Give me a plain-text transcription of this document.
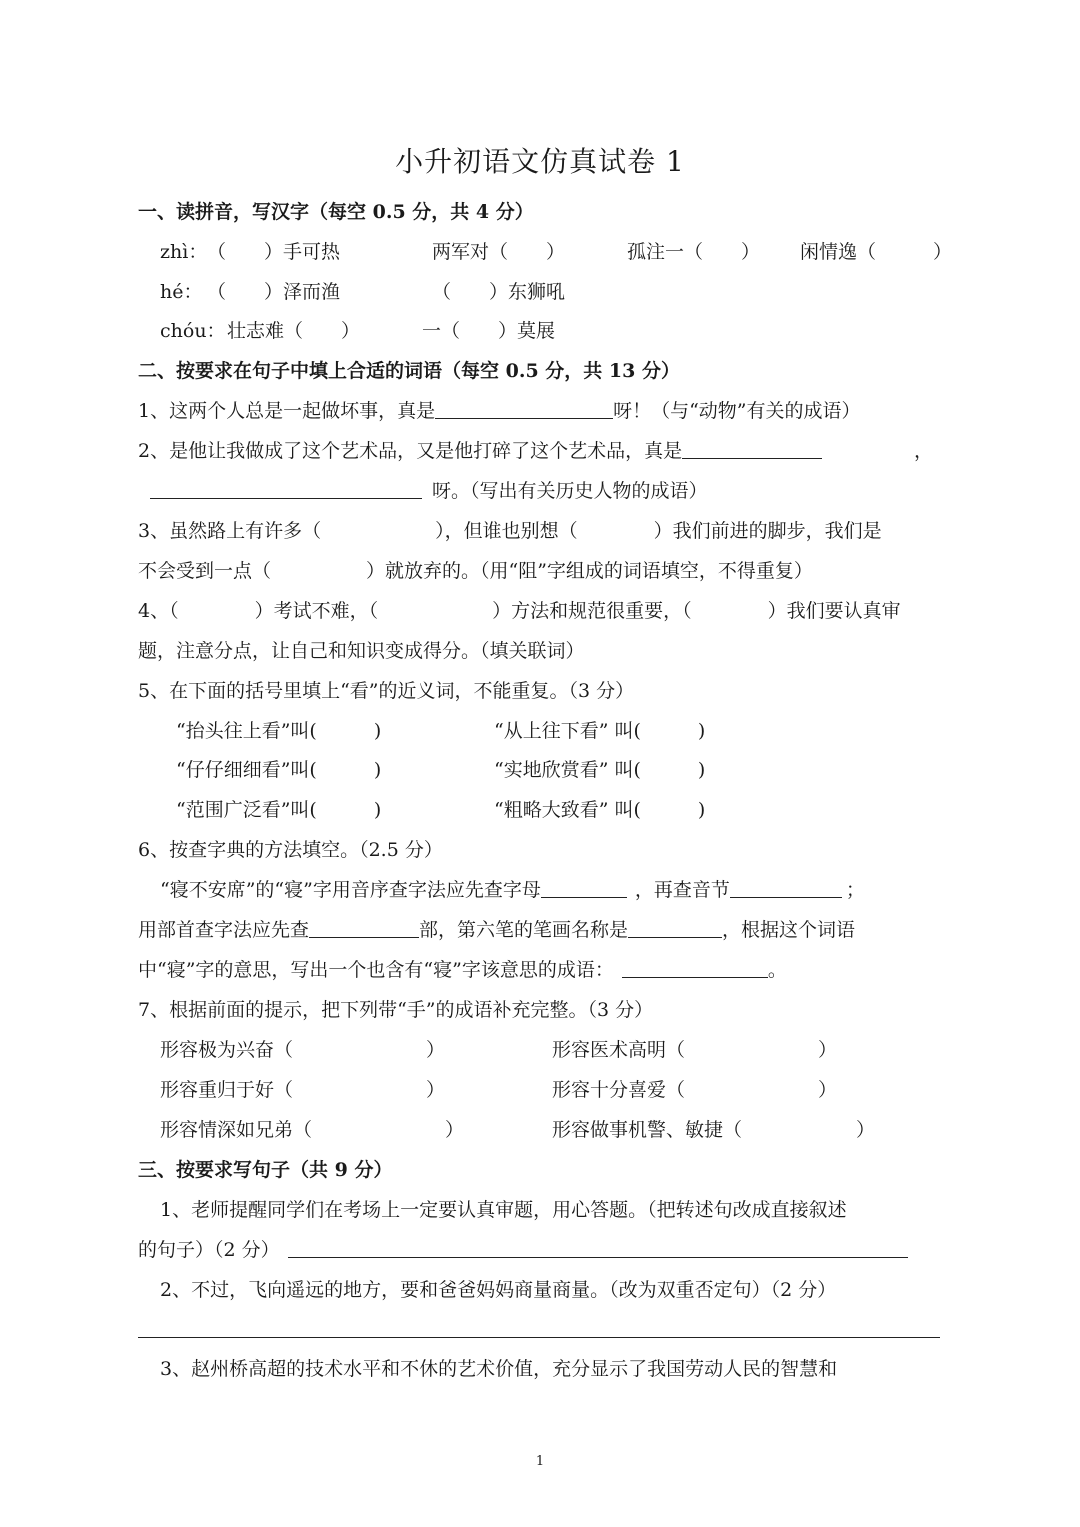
小升初语文仿真试卷 1
一、读拼音，写汉字（每空 0.5 分，共 4 分）
zhì： （　　）手可热	两军对（　　）	孤注一（　　） 闲情逸（　　　）
hé： （　　）泽而渔	（　　）东狮吼
chóu： 壮志难（　　）	一（　　）莫展
二、按要求在句子中填上合适的词语（每空 0.5 分，共 13 分）
1、这两个人总是一起做坏事，真是	呀！（与“动物”有关的成语）
2、是他让我做成了这个艺术品，又是他打碎了这个艺术品，真是	，
呀。（写出有关历史人物的成语）
3、虽然路上有许多（　　　　　　），但谁也别想（　　　　）我们前进的脚步，我们是
不会受到一点（　　　　　）就放弃的。（用“阻”字组成的词语填空，不得重复）
4、（　　　　）考试不难，（　　　　　　）方法和规范很重要，（　　　　）我们要认真审
题，注意分点，让自己和知识变成得分。（填关联词）
5、在下面的括号里填上“看”的近义词，不能重复。（3 分）
“抬头往上看”叫(　　　)	“从上往下看” 叫(　　　)
“仔仔细细看”叫(　　　)	“实地欣赏看” 叫(　　　)
“范围广泛看”叫(　　　)	“粗略大致看” 叫(　　　)
6、按查字典的方法填空。（2.5 分）
“寝不安席”的“寝”字用音序查字法应先查字母	，再查音节	；
用部首查字法应先查	部，第六笔的笔画名称是	，根据这个词语
中“寝”字的意思，写出一个也含有“寝”字该意思的成语：	。
7、根据前面的提示，把下列带“手”的成语补充完整。（3 分）
形容极为兴奋（　　　　　　　）	形容医术高明（　　　　　　　）
形容重归于好（　　　　　　　）	形容十分喜爱（　　　　　　　）
形容情深如兄弟（　　　　　　　）	形容做事机警、敏捷（　　　　　　）
三、按要求写句子（共 9 分）
1、老师提醒同学们在考场上一定要认真审题，用心答题。（把转述句改成直接叙述
的句子）（2 分）
2、不过，飞向遥远的地方，要和爸爸妈妈商量商量。（改为双重否定句）（2 分）
3、赵州桥高超的技术水平和不休的艺术价值，充分显示了我国劳动人民的智慧和
1
